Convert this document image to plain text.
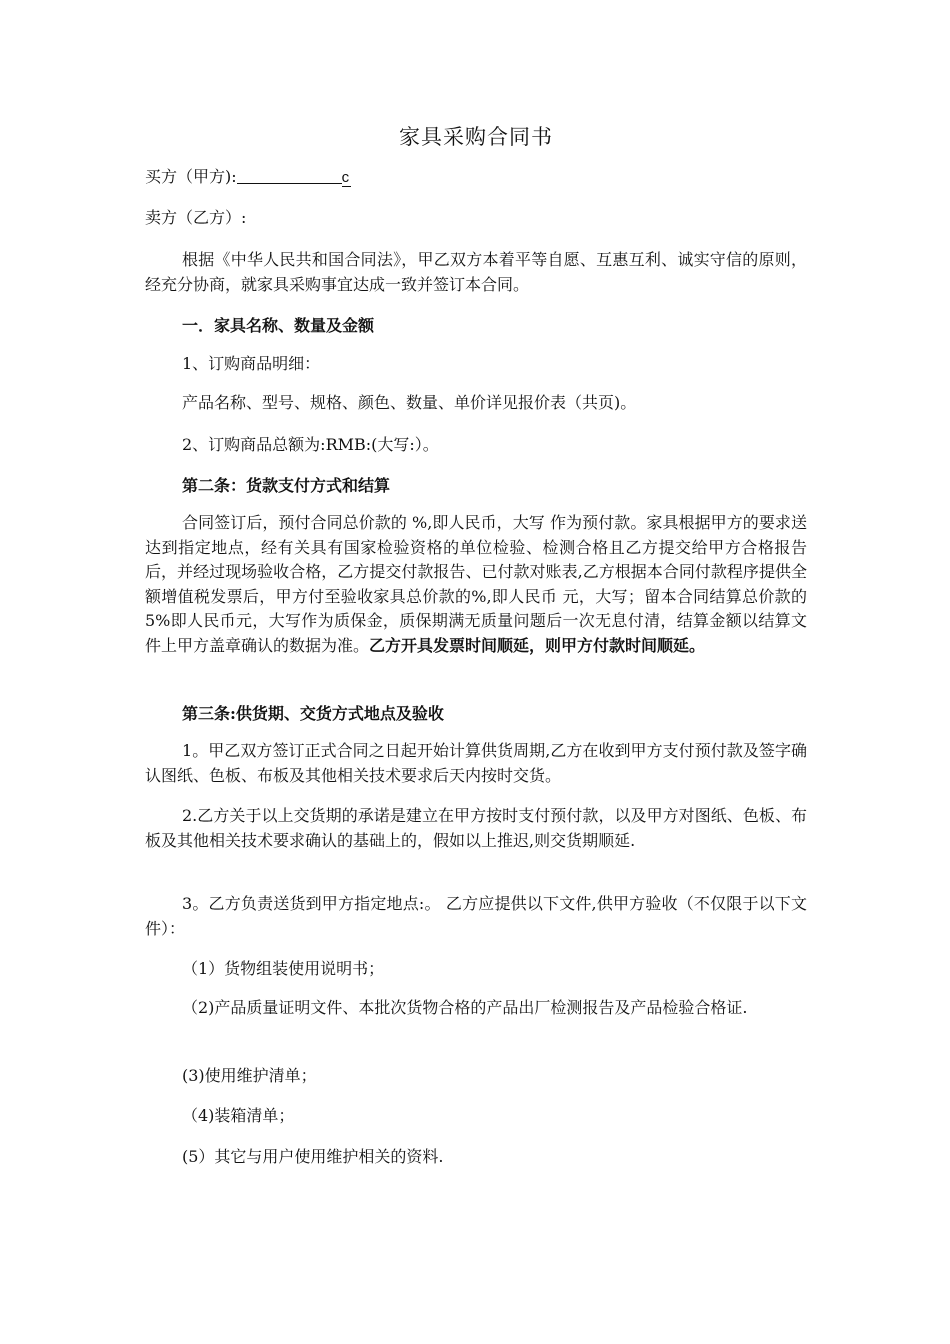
家具采购合同书
买方（甲方):	c
卖方（乙方）:
根据《中华人民共和国合同法》，甲乙双方本着平等自愿、互惠互利、诚实守信的原则，经充分协商，就家具采购事宜达成一致并签订本合同。
一．家具名称、数量及金额
1、订购商品明细：
产品名称、型号、规格、颜色、数量、单价详见报价表（共页)。
2、订购商品总额为:RMB:(大写:）。
第二条：货款支付方式和结算
合同签订后，预付合同总价款的 %,即人民币，大写 作为预付款。家具根据甲方的要求送达到指定地点，经有关具有国家检验资格的单位检验、检测合格且乙方提交给甲方合格报告后，并经过现场验收合格，乙方提交付款报告、已付款对账表,乙方根据本合同付款程序提供全额增值税发票后，甲方付至验收家具总价款的%,即人民币 元，大写；留本合同结算总价款的 5%即人民币元，大写作为质保金，质保期满无质量问题后一次无息付清，结算金额以结算文件上甲方盖章确认的数据为准。乙方开具发票时间顺延，则甲方付款时间顺延。
第三条:供货期、交货方式地点及验收
1。甲乙双方签订正式合同之日起开始计算供货周期,乙方在收到甲方支付预付款及签字确认图纸、色板、布板及其他相关技术要求后天内按时交货。
2.乙方关于以上交货期的承诺是建立在甲方按时支付预付款，以及甲方对图纸、色板、布板及其他相关技术要求确认的基础上的，假如以上推迟,则交货期顺延.
3。乙方负责送货到甲方指定地点:。 乙方应提供以下文件,供甲方验收（不仅限于以下文件）：
（1）货物组装使用说明书；
（2)产品质量证明文件、本批次货物合格的产品出厂检测报告及产品检验合格证.
(3)使用维护清单；
（4)装箱清单；
(5）其它与用户使用维护相关的资料.
